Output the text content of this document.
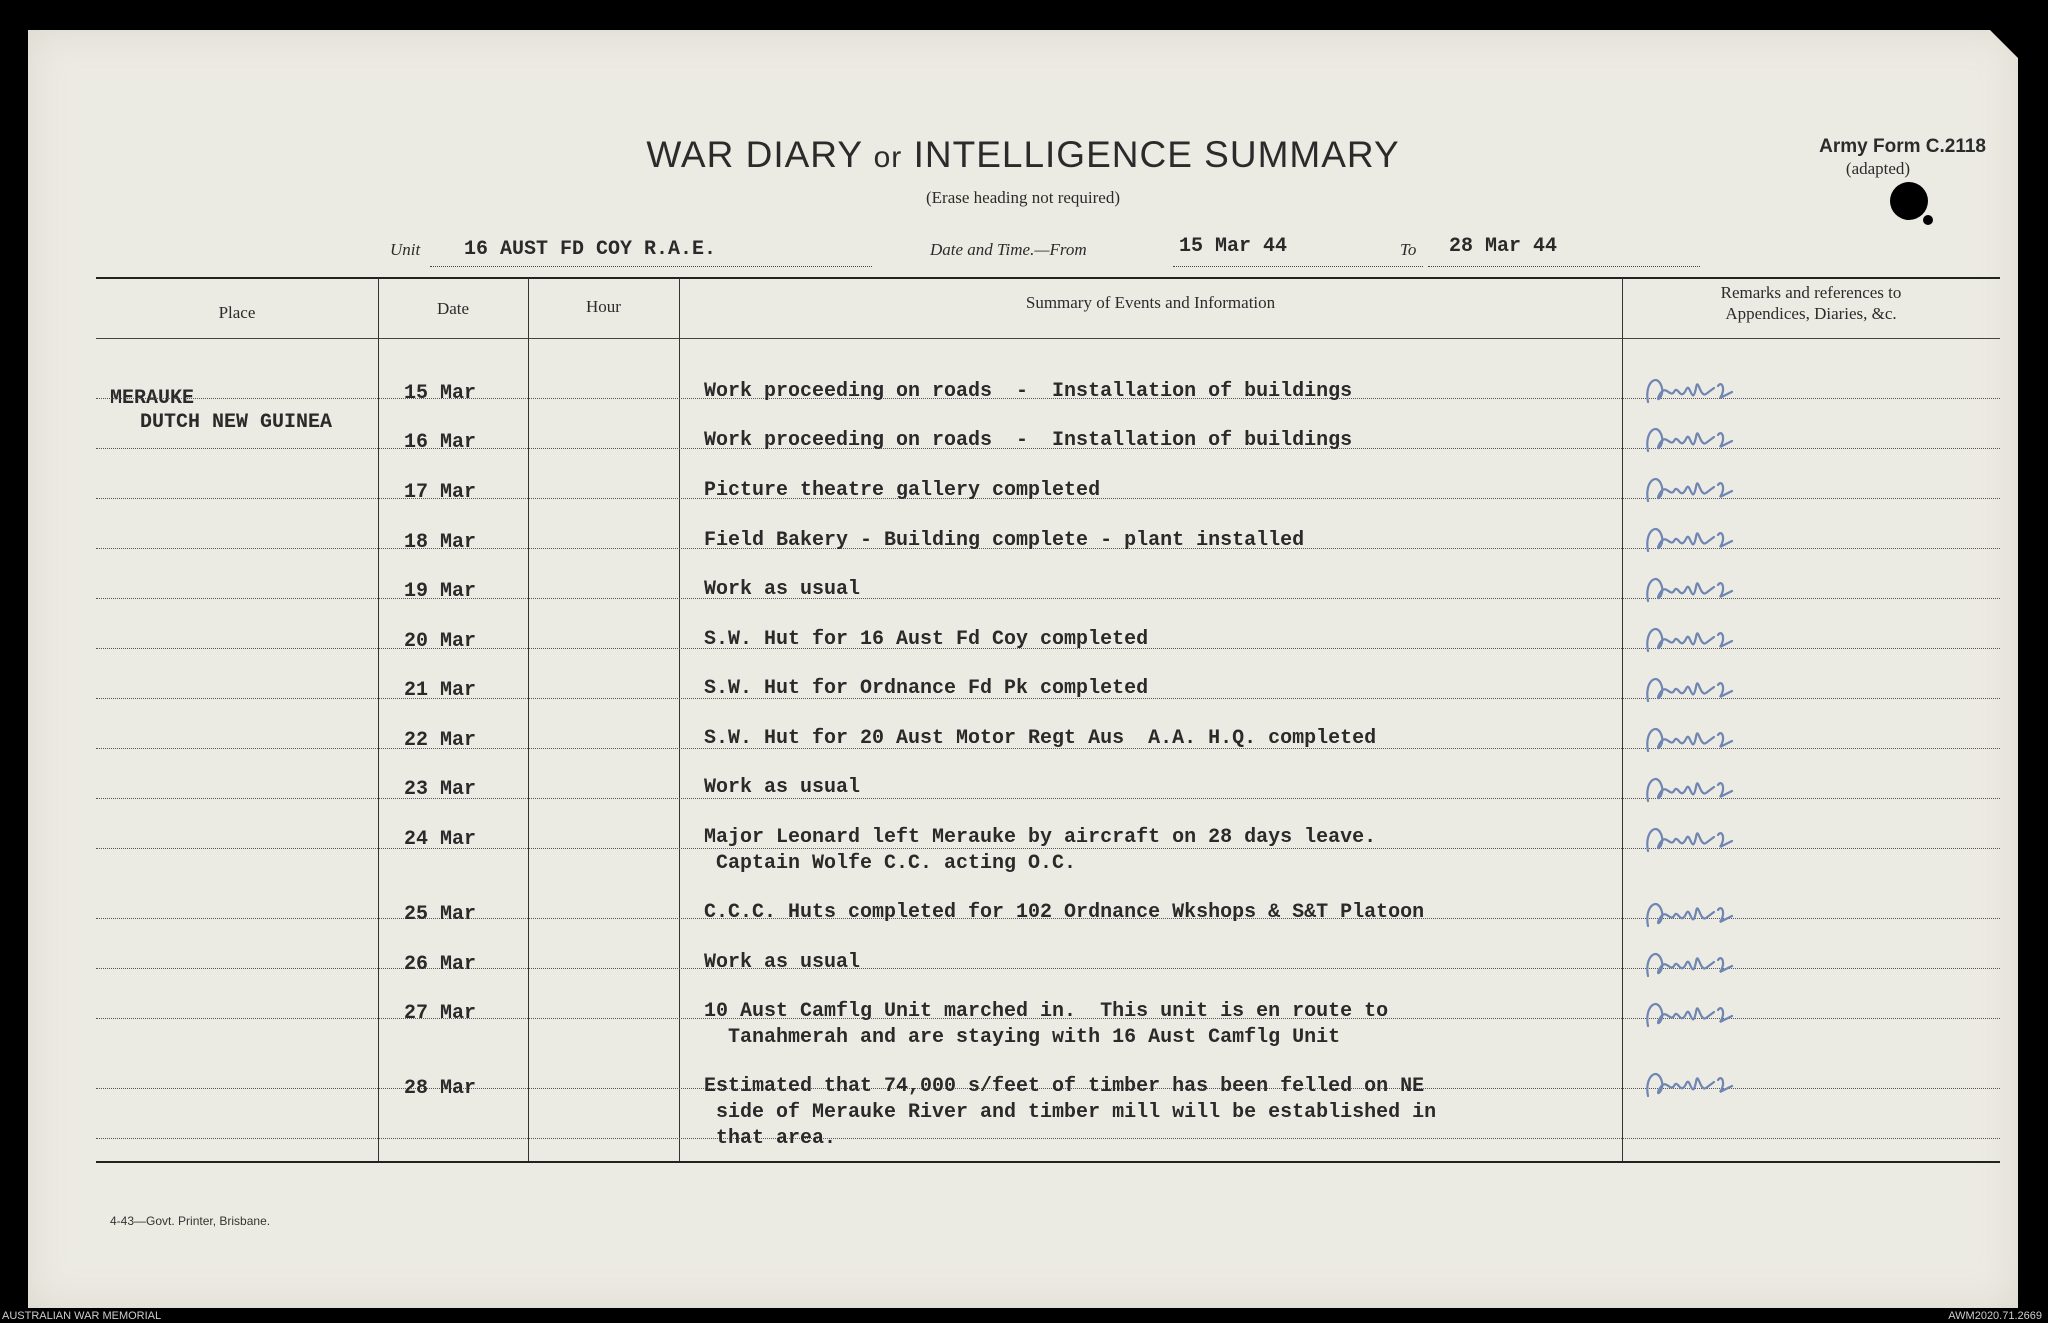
WAR DIARY or INTELLIGENCE SUMMARY
(Erase heading not required)
Army Form C.2118
(adapted)
Unit 16 AUST FD COY R.A.E.	Date and Time.—From	15 Mar 44	To 28 Mar 44
Place	Date	Hour	Summary of Events and Information
Remarks and references to
Appendices, Diaries, &c.
MERAUKE
DUTCH NEW GUINEA
4-43—Govt. Printer, Brisbane.
15 Mar	Work proceeding on roads  -  Installation of buildings
16 Mar	Work proceeding on roads  -  Installation of buildings
17 Mar	Picture theatre gallery completed
18 Mar	Field Bakery - Building complete - plant installed
19 Mar	Work as usual
20 Mar	S.W. Hut for 16 Aust Fd Coy completed
21 Mar	S.W. Hut for Ordnance Fd Pk completed
22 Mar	S.W. Hut for 20 Aust Motor Regt Aus  A.A. H.Q. completed
23 Mar	Work as usual
24 Mar	Major Leonard left Merauke by aircraft on 28 days leave.
Captain Wolfe C.C. acting O.C.
25 Mar	C.C.C. Huts completed for 102 Ordnance Wkshops & S&T Platoon
26 Mar	Work as usual
27 Mar	10 Aust Camflg Unit marched in.  This unit is en route to
Tanahmerah and are staying with 16 Aust Camflg Unit
28 Mar	Estimated that 74,000 s/feet of timber has been felled on NE
side of Merauke River and timber mill will be established in
that area.
AUSTRALIAN WAR MEMORIAL	AWM2020.71.2669
